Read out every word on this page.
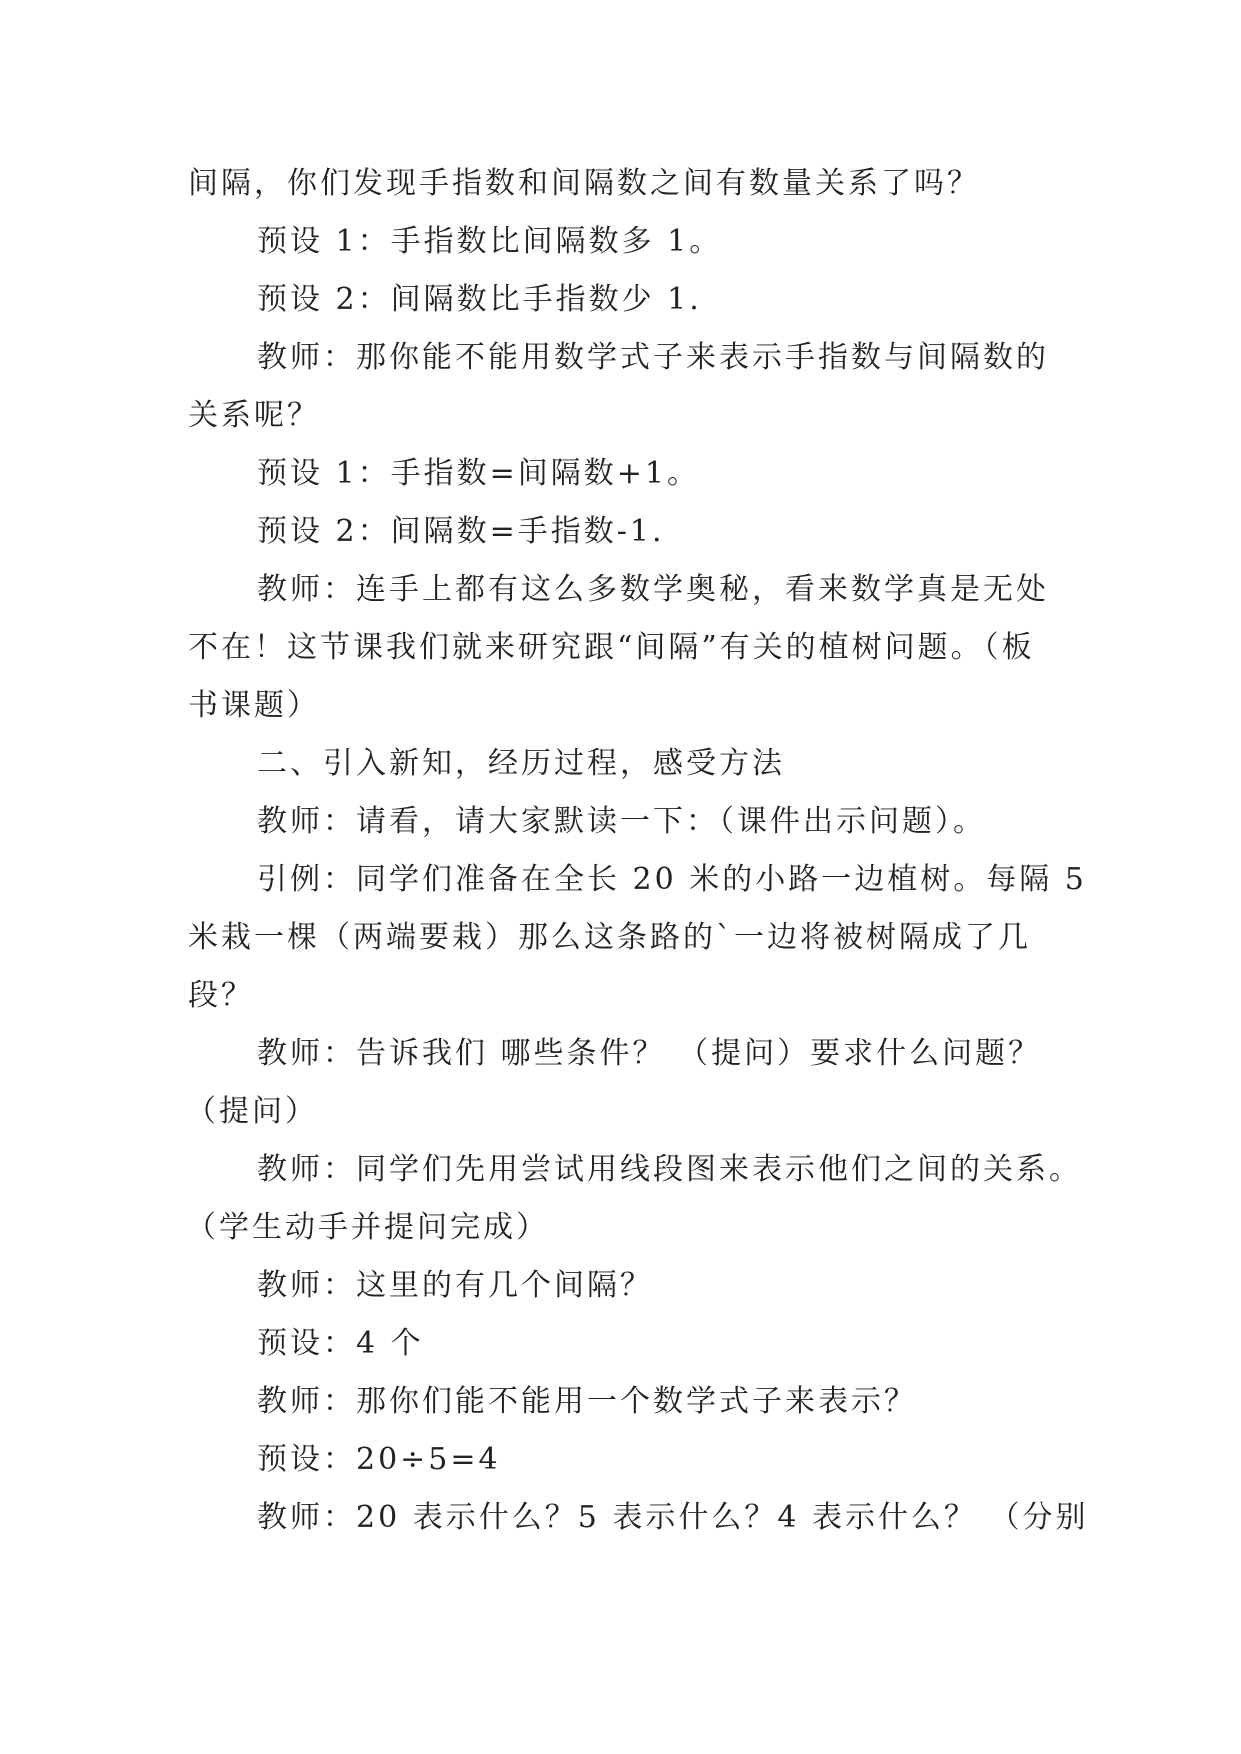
间隔，你们发现手指数和间隔数之间有数量关系了吗？
预设 1：手指数比间隔数多 1。
预设 2：间隔数比手指数少 1.
教师：那你能不能用数学式子来表示手指数与间隔数的
关系呢？
预设 1：手指数=间隔数+1。
预设 2：间隔数=手指数-1.
教师：连手上都有这么多数学奥秘，看来数学真是无处
不在！这节课我们就来研究跟“间隔”有关的植树问题。（板
书课题）
二、引入新知，经历过程，感受方法
教师：请看，请大家默读一下：（课件出示问题）。
引例：同学们准备在全长 20 米的小路一边植树。每隔 5
米栽一棵（两端要栽）那么这条路的`一边将被树隔成了几
段？
教师：告诉我们 哪些条件？ （提问）要求什么问题？
（提问）
教师：同学们先用尝试用线段图来表示他们之间的关系。
（学生动手并提问完成）
教师：这里的有几个间隔？
预设：4 个
教师：那你们能不能用一个数学式子来表示？
预设：20÷5=4
教师：20 表示什么？5 表示什么？4 表示什么？ （分别
